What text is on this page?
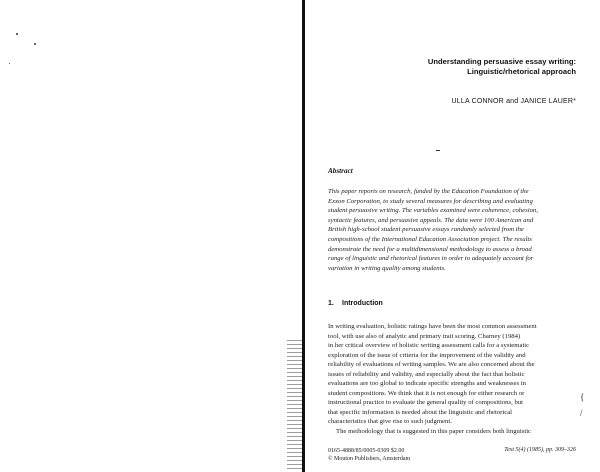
Understanding persuasive essay writing:
Linguistic/rhetorical approach
ULLA CONNOR and JANICE LAUER*
Abstract
This paper reports on research, funded by the Education Foundation of the
Exxon Corporation, to study several measures for describing and evaluating
student persuasive writing. The variables examined were coherence, cohesion,
syntactic features, and persuasive appeals. The data were 100 American and
British high-school student persuasive essays randomly selected from the
compositions of the International Education Association project. The results
demonstrate the need for a multidimensional methodology to assess a broad
range of linguistic and rhetorical features in order to adequately account for
variation in writing quality among students.
1. Introduction
In writing evaluation, holistic ratings have been the most common assessment
tool, with use also of analytic and primary trait scoring. Charney (1984)
in her critical overview of holistic writing assessment calls for a systematic
exploration of the issue of criteria for the improvement of the validity and
reliability of evaluations of writing samples. We are also concerned about the
issues of reliability and validity, and especially about the fact that holistic
evaluations are too global to indicate specific strengths and weaknesses in
student compositions. We think that it is not enough for either research or
instructional practice to evaluate the general quality of compositions, but
that specific information is needed about the linguistic and rhetorical
characteristics that give rise to such judgment.
The methodology that is suggested in this paper considers both linguistic
{
/
0165-4888/85/0005-0309 $2.00
© Mouton Publishers, Amsterdam
Text 5(4) (1985), pp. 309–326
